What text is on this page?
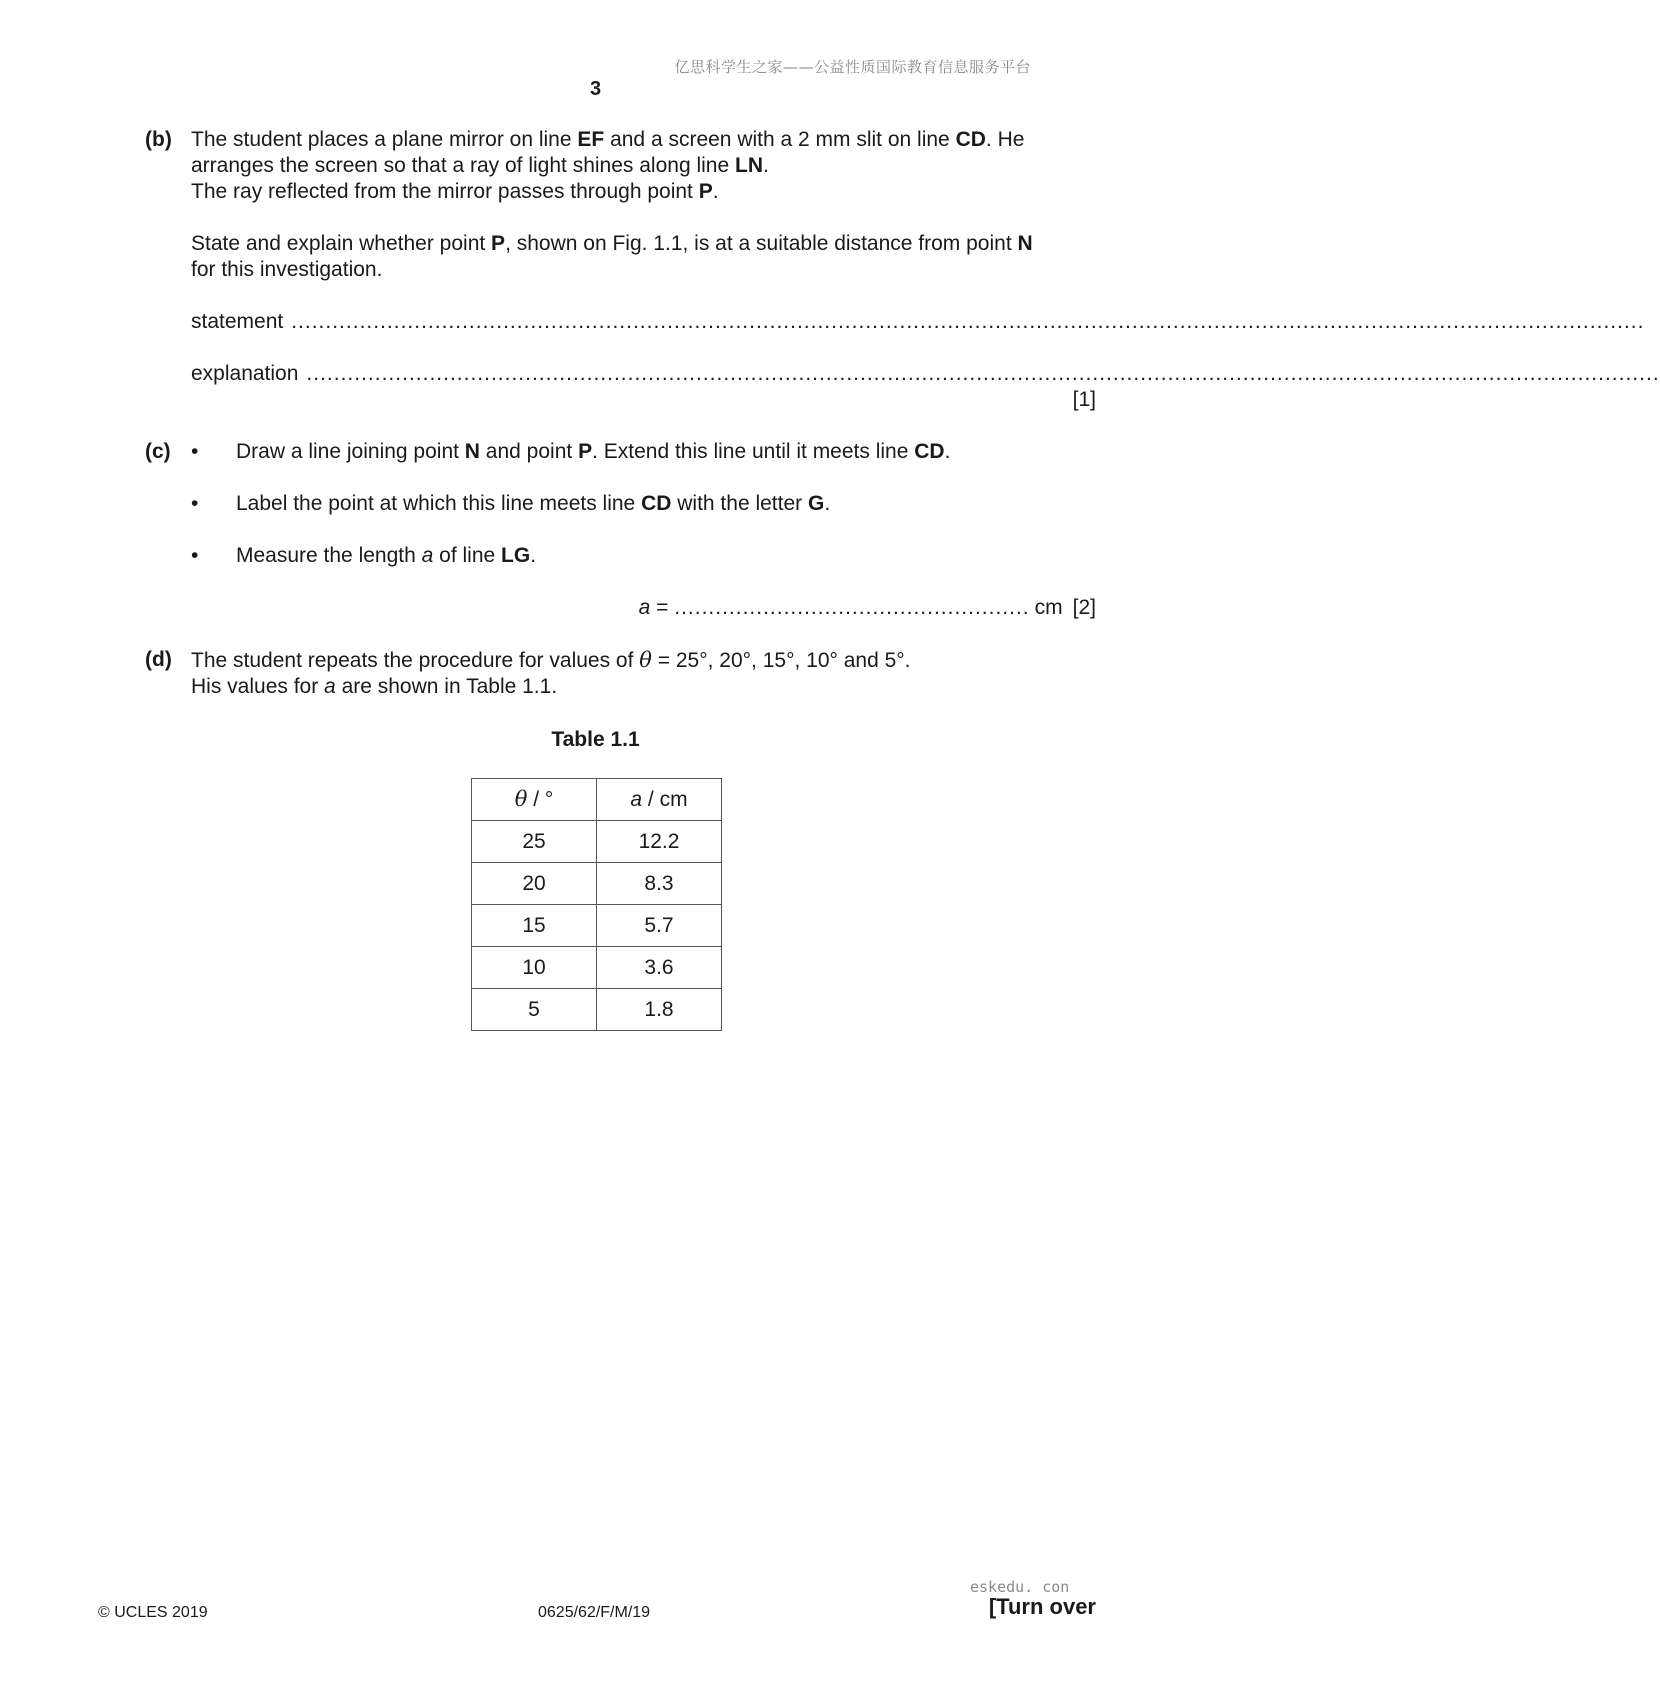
亿思科学生之家——公益性质国际教育信息服务平台
3
(b) The student places a plane mirror on line EF and a screen with a 2 mm slit on line CD. He

arranges the screen so that a ray of light shines along line LN.

The ray reflected from the mirror passes through point P.

State and explain whether point P, shown on Fig. 1.1, is at a suitable distance from point N

for this investigation.

statement ......................................................................................................................................................................................................
explanation ......................................................................................................................................................................................................
[1]
(c) • Draw a line joining point N and point P. Extend this line until it meets line CD.
• Label the point at which this line meets line CD with the letter G.
• Measure the length a of line LG.
a = .................................................... cm [2]
(d) The student repeats the procedure for values of θ = 25°, 20°, 15°, 10° and 5°.

His values for a are shown in Table 1.1.

Table 1.1
θ / °	a / cm
25	12.2
20	8.3
15	5.7
10	3.6
5	1.8
eskedu. con
© UCLES 2019	0625/62/F/M/19	[Turn over
